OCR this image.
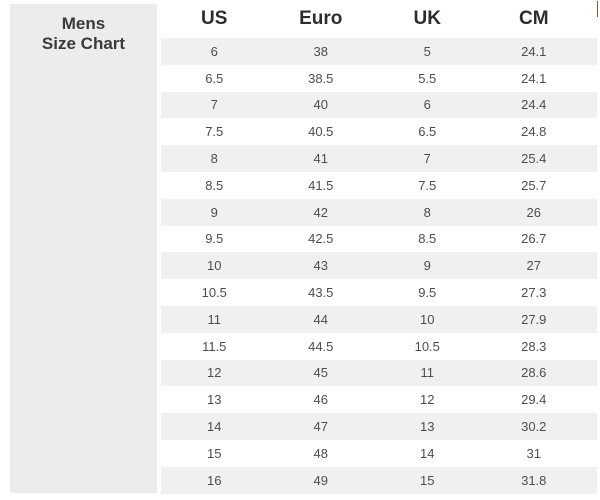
Mens
Size Chart
US	Euro	UK	CM
6	38	5	24.1
6.5	38.5	5.5	24.1
7	40	6	24.4
7.5	40.5	6.5	24.8
8	41	7	25.4
8.5	41.5	7.5	25.7
9	42	8	26
9.5	42.5	8.5	26.7
10	43	9	27
10.5	43.5	9.5	27.3
11	44	10	27.9
11.5	44.5	10.5	28.3
12	45	11	28.6
13	46	12	29.4
14	47	13	30.2
15	48	14	31
16	49	15	31.8
